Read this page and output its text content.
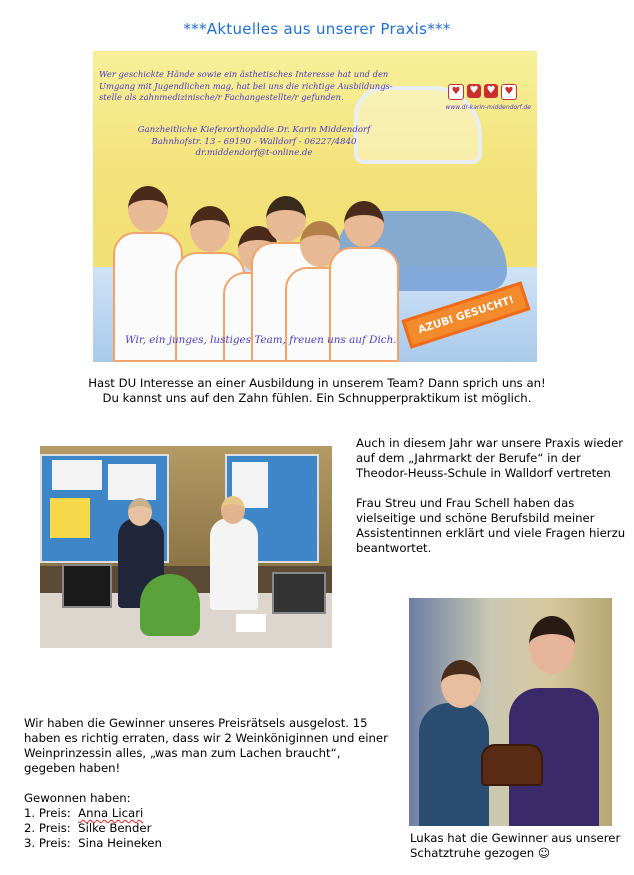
***Aktuelles aus unserer Praxis***
♥ ♥ ♥ ♥
www.dr-karin-middendorf.de
Wer geschickte Hände sowie ein ästhetisches Interesse hat und den Umgang mit Jugendlichen mag, hat bei uns die richtige Ausbildungs-stelle als zahnmedizinische/r Fachangestellte/r gefunden.
Ganzheitliche Kieferorthopädie Dr. Karin Middendorf
Bahnhofstr. 13 - 69190 - Walldorf - 06227/4840
dr.middendorf@t-online.de
Wir, ein junges, lustiges Team, freuen uns auf Dich.
AZUBI GESUCHT!
Hast DU Interesse an einer Ausbildung in unserem Team? Dann sprich uns an!
Du kannst uns auf den Zahn fühlen. Ein Schnupperpraktikum ist möglich.

Auch in diesem Jahr war unsere Praxis wieder auf dem „Jahrmarkt der Berufe“ in der Theodor-Heuss-Schule in Walldorf vertreten

Frau Streu und Frau Schell haben das vielseitige und schöne Berufsbild meiner Assistentinnen erklärt und viele Fragen hierzu beantwortet.

Wir haben die Gewinner unseres Preisrätsels ausgelost. 15 haben es richtig erraten, dass wir 2 Weinköniginnen und einer Weinprinzessin alles, „was man zum Lachen braucht“, gegeben haben!

Gewonnen haben:
1. Preis: Anna Licari
2. Preis: Silke Bender
3. Preis: Sina Heineken	Lukas hat die Gewinner aus unserer Schatztruhe gezogen ☺
